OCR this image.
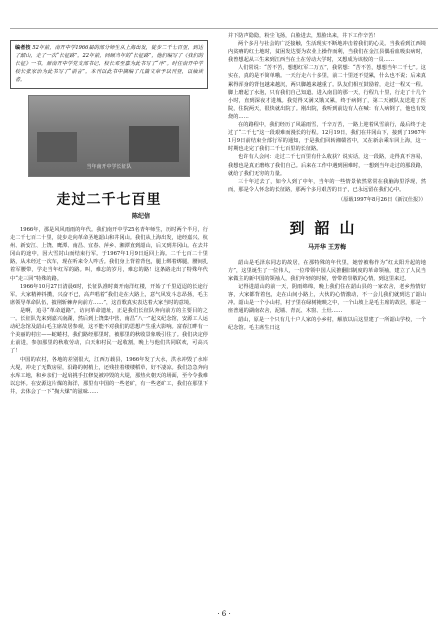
编者按 52年前，南开中学1966届的部分师生从上海出发，徒步二千七百里，到达了韶山，走了一次“长征路”。22年前，回顾当年的“长征路”，他们编写了《我们的长征》一书，原南开中学党支部书记、校长邓至嘉为此书写了“序”。时任南开中学校长张家治为此书写了“前言”。本刊以此书中摘编了几篇文章予以刊登，以飨读者。

当年南开中学长征队
走过二千七百里
陈纪信

1966年，那是风风雨雨的年代。我们南开中学25名青年师生，历时两个半月，行走二千七百二十里，徒步走向革命圣地韶山和井冈山。我们从上海出发，途经嘉兴、杭州、新安江、上饶、鹰潭、南昌、宜春、萍乡、湘潭直到韶山，后又到井冈山。在去井冈山的途中，因大雪封山而结束行军。于1967年1月9日返回上海。二千七百二十里路，从未经过一次车，现在听来令人咋舌。我们身上背着背包，腿上绑着绑腿，腰间扎着军腰带，学走当年红军的路。叫，难忘的岁月，难忘的路！这条路走出了特殊年代中“走三回”特殊的路。

1966年10月27日清晨6时，长征队准时离开南洋红楼，开始了千里迢迢的长途行军。大家精神抖擞，兴奋不已，高声唱着“我们走在大路上，意气风发斗志昂扬，毛主席领导革命队伍，披荆斩棘奔向前方……”，这首歌真实表达着大家当时的意境。

是啊，追寻“革命道路”，访问革命遗址，正是我们长征队奔向前方的主要目的之一。长征队先来到嘉兴南湖，然后到上饶集中营，南昌“八一”起义纪念馆，安源工人运动纪念馆及韶山毛主席故居参观，这不能不对我们的思想产生重大影响。富春江畔有一个美丽的村庄——蛇蜷村，我们路经那里时，被那里的秋收景象吸引住了。我们决定停止前进，参加那里的秋收劳动，白天和村民一起收割，晚上与他们共同联欢，可高兴了！

中国的农村，各地的差别很大，江西万载县，1966年发了大水，洪水冲毁了水库大堤，冲走了无数房屋，沿路的树梢上，还残挂着缕缕稻草，好不凄凉。我们急急奔向水库工地，和乡亲们一起肩挑手扛修复被冲毁的大堤，那热火朝天的场面，至今令我难以忘怀。在安源这片煤的海洋，那里有中国的一些老矿，有一些老矿工，我们在那里下井，去体会了一下“掏大煤”的滋味……

并下防声隐隐，粉尘飞扬，白脸进去，黑脸出来，井下工作辛苦！

两个多月与社会的广泛接触，生活现实不断地冲击着我们的心灵。当我看到江西境内贫瘠的红土地时，贫困发达要为农业上操作而利，当我们在金江县偶看血吸虫病时，我曾想起从三生来到江西当在土在劳动大学时，又想成为该校的一员……

人们常说：“苦不苦，想想红军二万五”，我常想：“苦不苦，想想当年二千七”。这实在，真的是不简单哦。一天行走六十多里，前二十里还不觉累，什么也不说；后来真累得浑身的背包越来越沉，两只脚越来越重了。队友们相互鼓励着，走过一程又一程。脚上磨起了水泡，只有我们自己知道。进入南昌的那一天，行程九十里，行走了十几个小时，直到深夜才进城。我觉得又满又饿又累，终于病倒了，第二天被队友送进了医院，住院两天，很快就出院了。刚出院，我听到前边有人在喊：有人病倒了，他也有发烧的……

在的路程中，我们经历了风霜雨雪，千辛万苦，一路上迎着风雪前行，最后终于走过了“二千七”这一段艰难而漫长的行程。12月19日，我们在井冈山下，接到了1967年1月9日前结束全部行军的通知，于是我们回转湘赣省中，又在新余乘车回上海，这一时期也走完了我们二千七百里的长征路。

也许有人会问：走过二千七百里有什么收获？说实话，这一段路，走得真不容易，我想也是真正磨练了我们自己。后来在工作中遇到困难时，一想到当年走过的那段路，就给了我们无穷的力量。

三十年过去了，如今人到了中年，当年的一些情景依然常常在我脑海里浮现，然而，那是令人怀念的长征路，那两个多月艰苦的日子，已永远留在我们心中。

（原载1997年8月26日《新汉仕报》）
到韶山
马开华 王芳梅

韶山是毛泽东同志的故居，在那特殊的年代里，她曾被称作为“红太阳升起的地方”，这里诞生了一位伟人，一位带领中国人民推翻旧制度的革命领袖，建立了人民当家做主的新中国的领袖人，我们年轻的时候，曾带着崇敬的心情，到这里来过。

记得进韶山的前一天，阴雨绵绵，晚上我们住在韶山县的一家农舍，老乡热情好客，大家都背着包，走在山间小路上，大伙的心情激动，不一会儿我们就到达了韶山冲。韶山是一个小山村，村子里在绿树掩映之中，一个山坡上是毛主席的故居，那是一座普通的湖南农舍，泥墙、青瓦、木窗、土灶……

韶山，原是一个只有几十户人家的小乡村，解放以后这里建了一所韶山学校，一个纪念馆。毛主席生日这

· 6 ·
